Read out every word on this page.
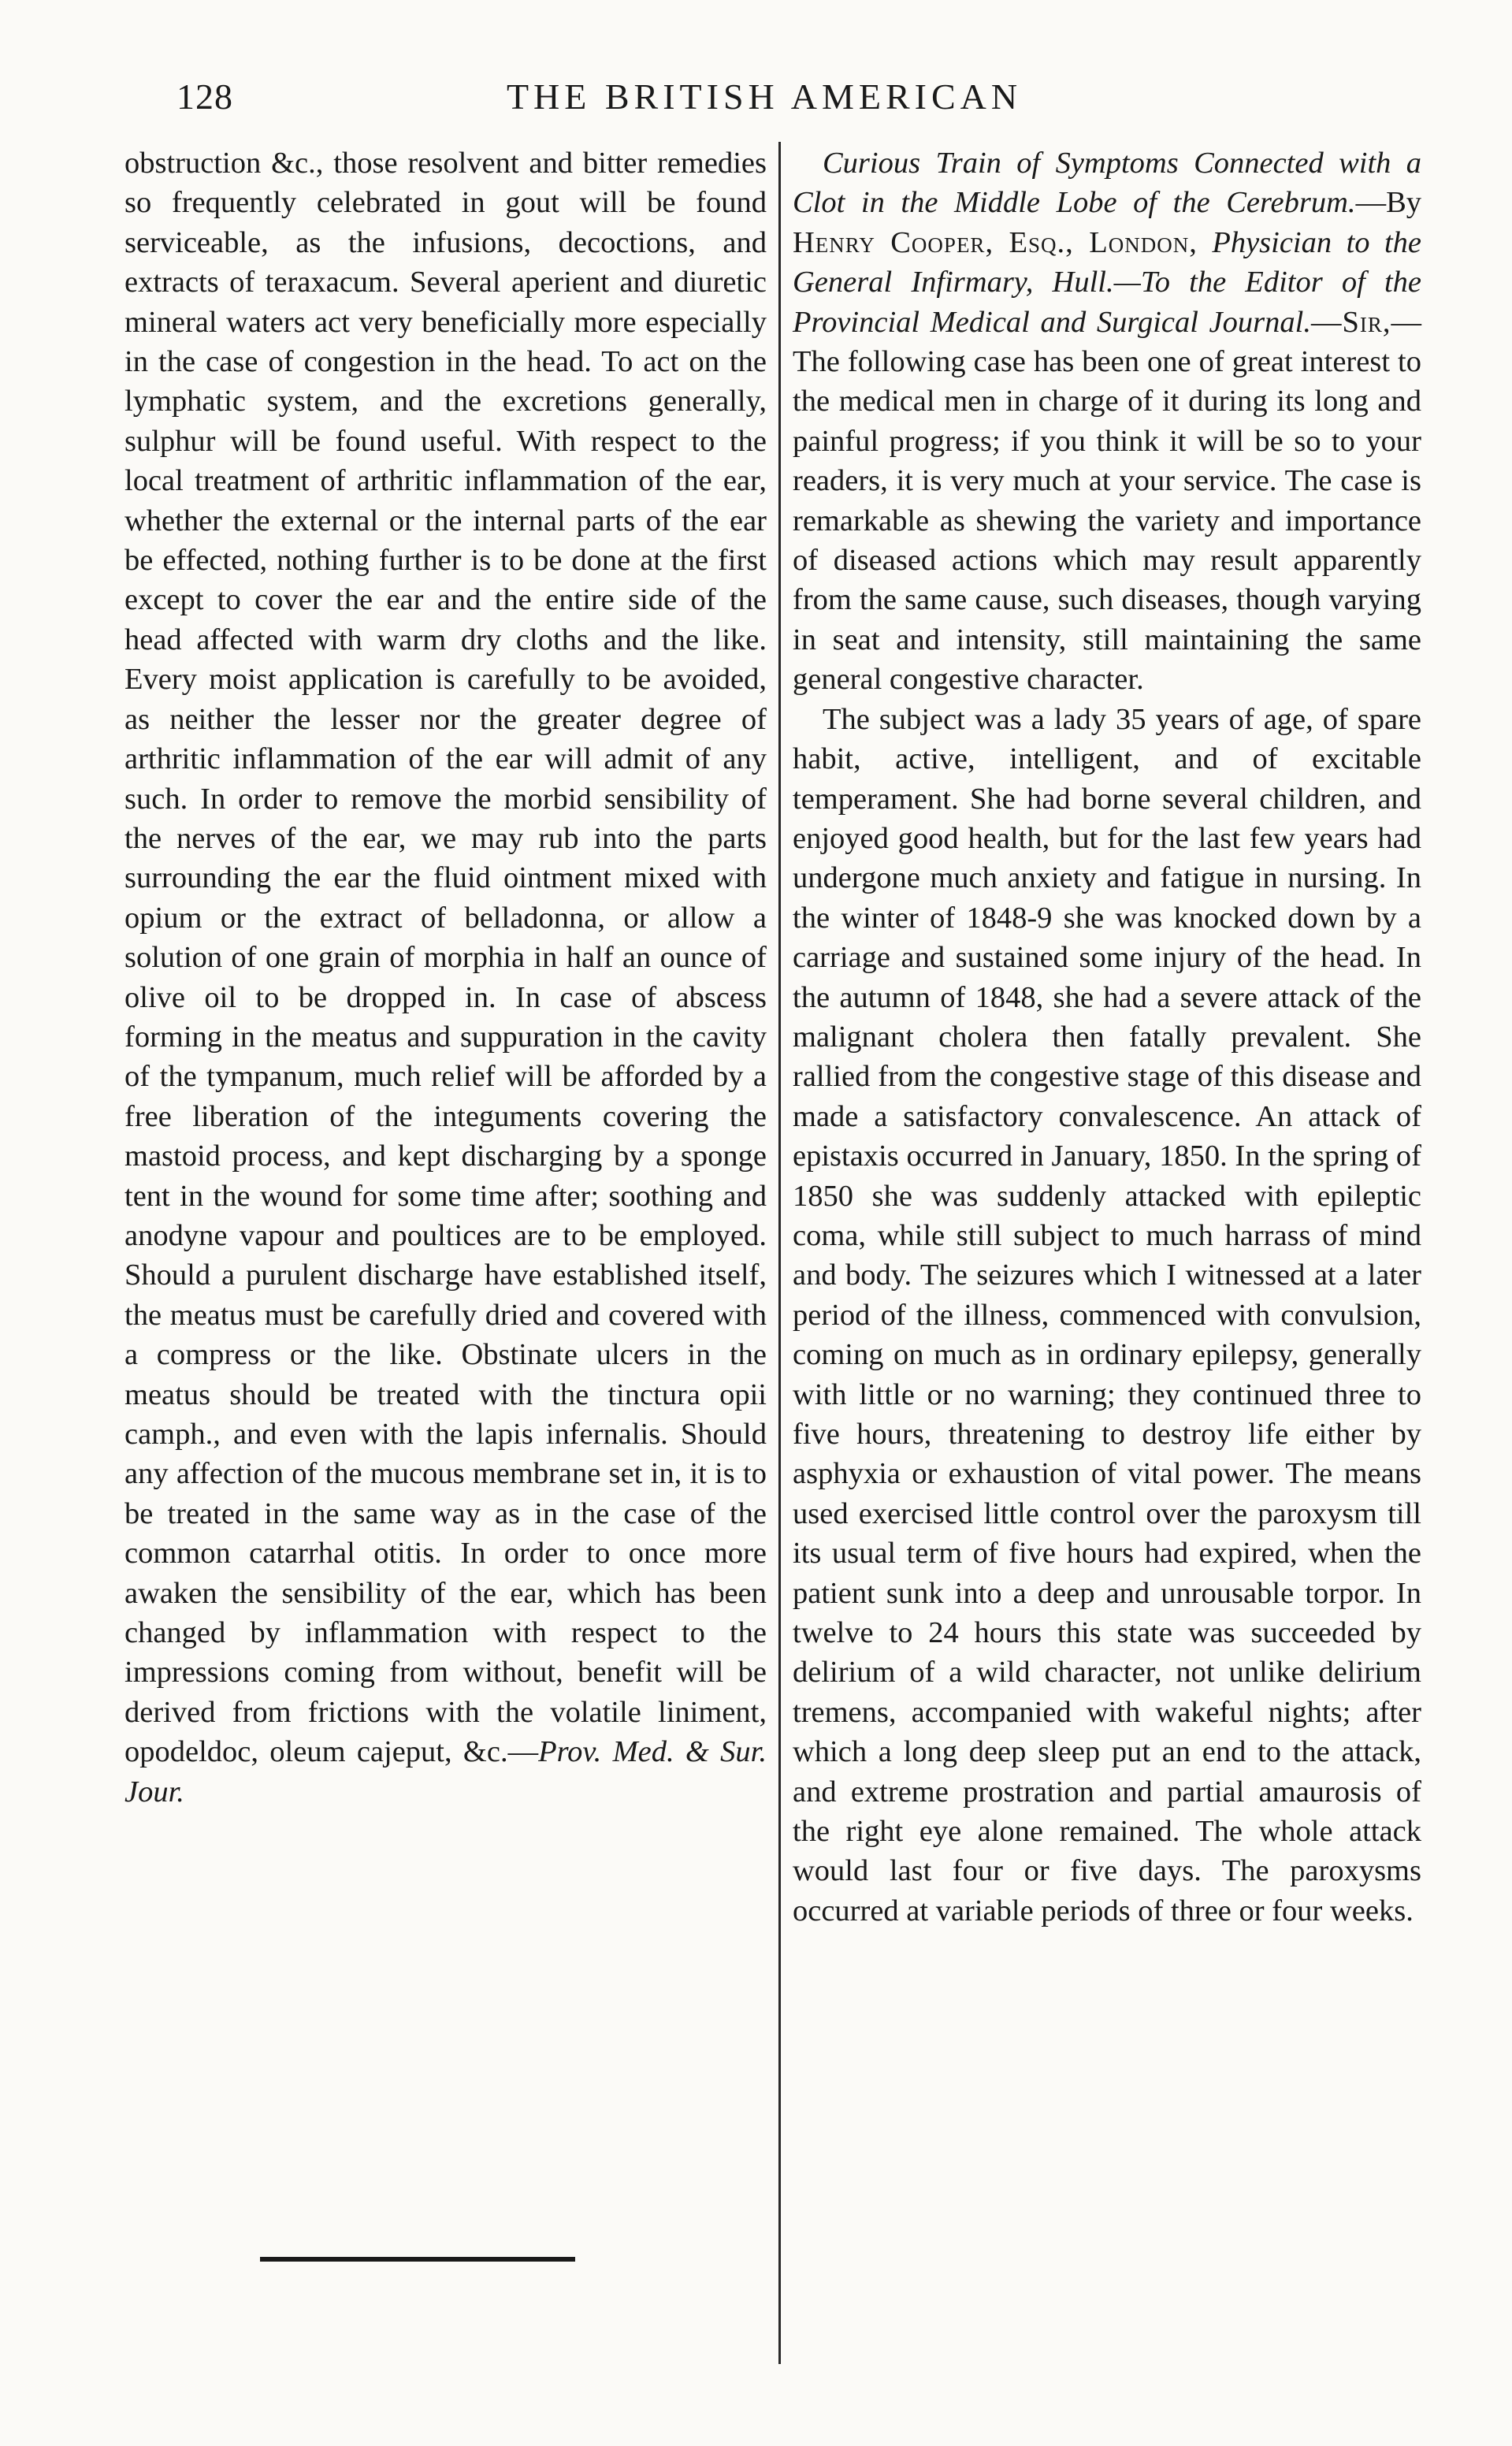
128	THE BRITISH AMERICAN

obstruction &c., those resolvent and bitter remedies so frequently celebrated in gout will be found serviceable, as the infusions, decoctions, and extracts of teraxacum. Several aperient and diuretic mineral waters act very beneficially more especially in the case of congestion in the head. To act on the lymphatic system, and the excretions generally, sulphur will be found useful. With respect to the local treatment of arthritic inflammation of the ear, whether the external or the internal parts of the ear be effected, nothing further is to be done at the first except to cover the ear and the entire side of the head affected with warm dry cloths and the like. Every moist application is carefully to be avoided, as neither the lesser nor the greater degree of arthritic inflammation of the ear will admit of any such. In order to remove the morbid sensibility of the nerves of the ear, we may rub into the parts surrounding the ear the fluid ointment mixed with opium or the extract of belladonna, or allow a solution of one grain of morphia in half an ounce of olive oil to be dropped in. In case of abscess forming in the meatus and suppuration in the cavity of the tympanum, much relief will be afforded by a free liberation of the integuments covering the mastoid process, and kept discharging by a sponge tent in the wound for some time after; soothing and anodyne vapour and poultices are to be employed. Should a purulent discharge have established itself, the meatus must be carefully dried and covered with a compress or the like. Obstinate ulcers in the meatus should be treated with the tinctura opii camph., and even with the lapis infernalis. Should any affection of the mucous membrane set in, it is to be treated in the same way as in the case of the common catarrhal otitis. In order to once more awaken the sensibility of the ear, which has been changed by inflammation with respect to the impressions coming from without, benefit will be derived from frictions with the volatile liniment, opodeldoc, oleum cajeput, &c.—Prov. Med. & Sur. Jour.

Curious Train of Symptoms Connected with a Clot in the Middle Lobe of the Cerebrum.—By Henry Cooper, Esq., London, Physician to the General Infirmary, Hull.—To the Editor of the Provincial Medical and Surgical Journal.—Sir,—The following case has been one of great interest to the medical men in charge of it during its long and painful progress; if you think it will be so to your readers, it is very much at your service. The case is remarkable as shewing the variety and importance of diseased actions which may result apparently from the same cause, such diseases, though varying in seat and intensity, still maintaining the same general congestive character.

The subject was a lady 35 years of age, of spare habit, active, intelligent, and of excitable temperament. She had borne several children, and enjoyed good health, but for the last few years had undergone much anxiety and fatigue in nursing. In the winter of 1848-9 she was knocked down by a carriage and sustained some injury of the head. In the autumn of 1848, she had a severe attack of the malignant cholera then fatally prevalent. She rallied from the congestive stage of this disease and made a satisfactory convalescence. An attack of epistaxis occurred in January, 1850. In the spring of 1850 she was suddenly attacked with epileptic coma, while still subject to much harrass of mind and body. The seizures which I witnessed at a later period of the illness, commenced with convulsion, coming on much as in ordinary epilepsy, generally with little or no warning; they continued three to five hours, threatening to destroy life either by asphyxia or exhaustion of vital power. The means used exercised little control over the paroxysm till its usual term of five hours had expired, when the patient sunk into a deep and unrousable torpor. In twelve to 24 hours this state was succeeded by delirium of a wild character, not unlike delirium tremens, accompanied with wakeful nights; after which a long deep sleep put an end to the attack, and extreme prostration and partial amaurosis of the right eye alone remained. The whole attack would last four or five days. The paroxysms occurred at variable periods of three or four weeks.
